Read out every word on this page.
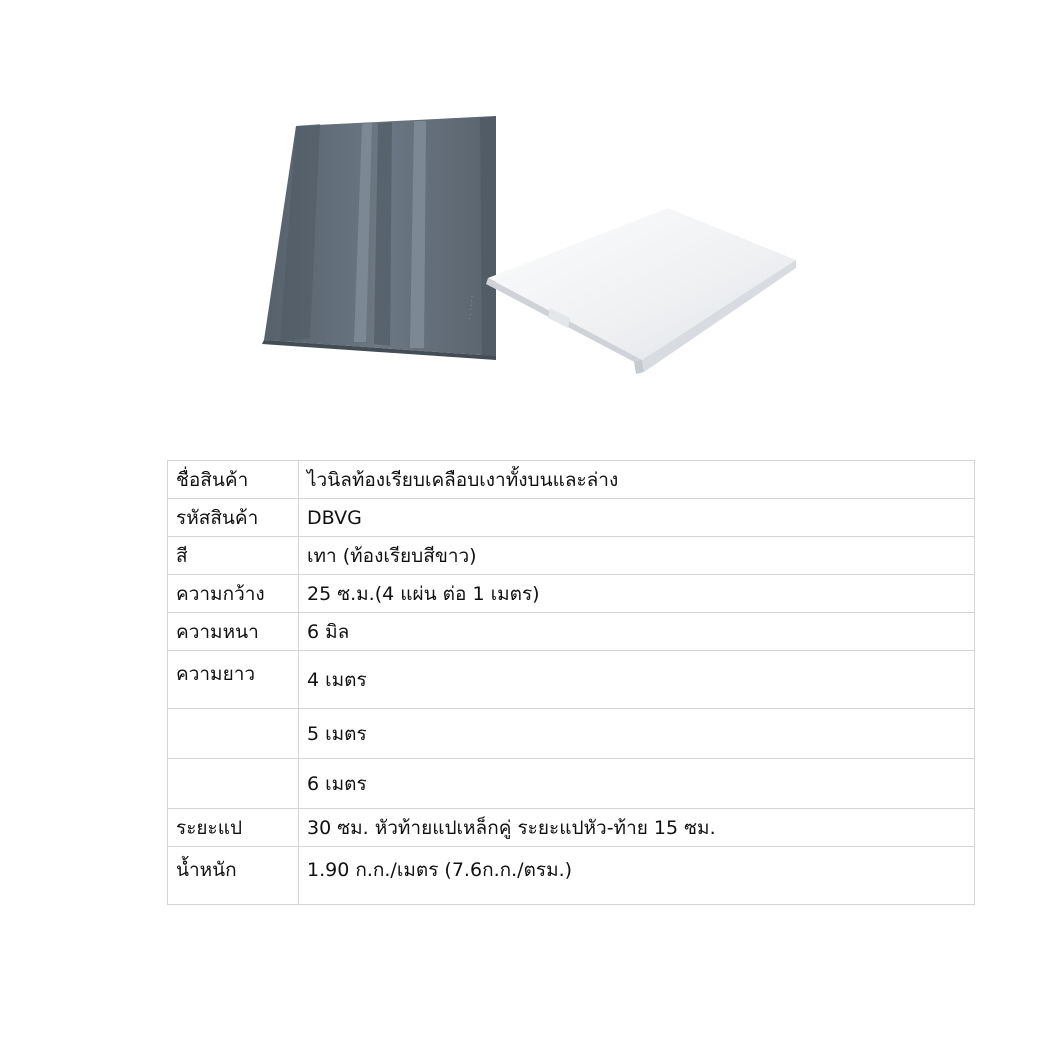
· · · · · ·
ชื่อสินค้า	ไวนิลท้องเรียบเคลือบเงาทั้งบนและล่าง
รหัสสินค้า	DBVG
สี	เทา (ท้องเรียบสีขาว)
ความกว้าง	25 ซ.ม.(4 แผ่น ต่อ 1 เมตร)
ความหนา	6 มิล
ความยาว	4 เมตร
	5 เมตร
	6 เมตร
ระยะแป	30 ซม. หัวท้ายแปเหล็กคู่ ระยะแปหัว-ท้าย 15 ซม.
น้ำหนัก	1.90 ก.ก./เมตร (7.6ก.ก./ตรม.)
